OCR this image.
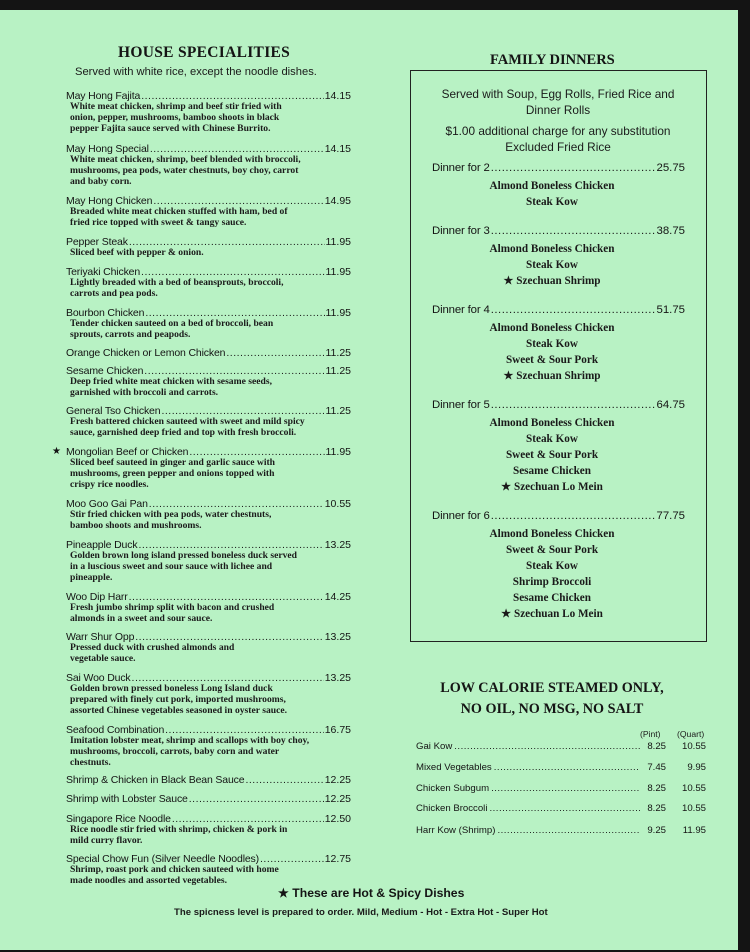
HOUSE SPECIALITIES
Served with white rice, except the noodle dishes.
May Hong Fajita .....	14.15
White meat chicken, shrimp and beef stir fried with
onion, pepper, mushrooms, bamboo shoots in black
pepper Fajita sauce served with Chinese Burrito.
May Hong Special .....	14.15
White meat chicken, shrimp, beef blended with broccoli,
mushrooms, pea pods, water chestnuts, boy choy, carrot
and baby corn.
May Hong Chicken .....	14.95
Breaded white meat chicken stuffed with ham, bed of
fried rice topped with sweet & tangy sauce.
Pepper Steak .....	11.95
Sliced beef with pepper & onion.
Teriyaki Chicken .....	11.95
Lightly breaded with a bed of beansprouts, broccoli,
carrots and pea pods.
Bourbon Chicken .....	11.95
Tender chicken sauteed on a bed of broccoli, bean
sprouts, carrots and peapods.
Orange Chicken or Lemon Chicken .....	11.25
Sesame Chicken .....	11.25
Deep fried white meat chicken with sesame seeds,
garnished with broccoli and carrots.
General Tso Chicken .....	11.25
Fresh battered chicken sauteed with sweet and mild spicy
sauce, garnished deep fried and top with fresh broccoli.
★ Mongolian Beef or Chicken .....	11.95
Sliced beef sauteed in ginger and garlic sauce with
mushrooms, green pepper and onions topped with
crispy rice noodles.
Moo Goo Gai Pan .....	10.55
Stir fried chicken with pea pods, water chestnuts,
bamboo shoots and mushrooms.
Pineapple Duck .....	13.25
Golden brown long island pressed boneless duck served
in a luscious sweet and sour sauce with lichee and
pineapple.
Woo Dip Harr .....	14.25
Fresh jumbo shrimp split with bacon and crushed
almonds in a sweet and sour sauce.
Warr Shur Opp .....	13.25
Pressed duck with crushed almonds and
vegetable sauce.
Sai Woo Duck .....	13.25
Golden brown pressed boneless Long Island duck
prepared with finely cut pork, imported mushrooms,
assorted Chinese vegetables seasoned in oyster sauce.
Seafood Combination .....	16.75
Imitation lobster meat, shrimp and scallops with boy choy,
mushrooms, broccoli, carrots, baby corn and water
chestnuts.
Shrimp & Chicken in Black Bean Sauce .....	12.25
Shrimp with Lobster Sauce .....	12.25
Singapore Rice Noodle .....	12.50
Rice noodle stir fried with shrimp, chicken & pork in
mild curry flavor.
Special Chow Fun (Silver Needle Noodles) .....	12.75
Shrimp, roast pork and chicken sauteed with home
made noodles and assorted vegetables.
FAMILY DINNERS
Served with Soup, Egg Rolls, Fried Rice and
Dinner Rolls
$1.00 additional charge for any substitution
Excluded Fried Rice
Dinner for 2 .....	25.75
Almond Boneless Chicken
Steak Kow
Dinner for 3 .....	38.75
Almond Boneless Chicken
Steak Kow
★ Szechuan Shrimp
Dinner for 4 .....	51.75
Almond Boneless Chicken
Steak Kow
Sweet & Sour Pork
★ Szechuan Shrimp
Dinner for 5 .....	64.75
Almond Boneless Chicken
Steak Kow
Sweet & Sour Pork
Sesame Chicken
★ Szechuan Lo Mein
Dinner for 6 .....	77.75
Almond Boneless Chicken
Sweet & Sour Pork
Steak Kow
Shrimp Broccoli
Sesame Chicken
★ Szechuan Lo Mein
LOW CALORIE STEAMED ONLY,
NO OIL, NO MSG, NO SALT
(Pint) (Quart)
Gai Kow .....	8.25	10.55
Mixed Vegetables .....	7.45	9.95
Chicken Subgum .....	8.25	10.55
Chicken Broccoli .....	8.25	10.55
Harr Kow (Shrimp) .....	9.25	11.95
★ These are Hot & Spicy Dishes
The spicness level is prepared to order. Mild, Medium - Hot - Extra Hot - Super Hot
